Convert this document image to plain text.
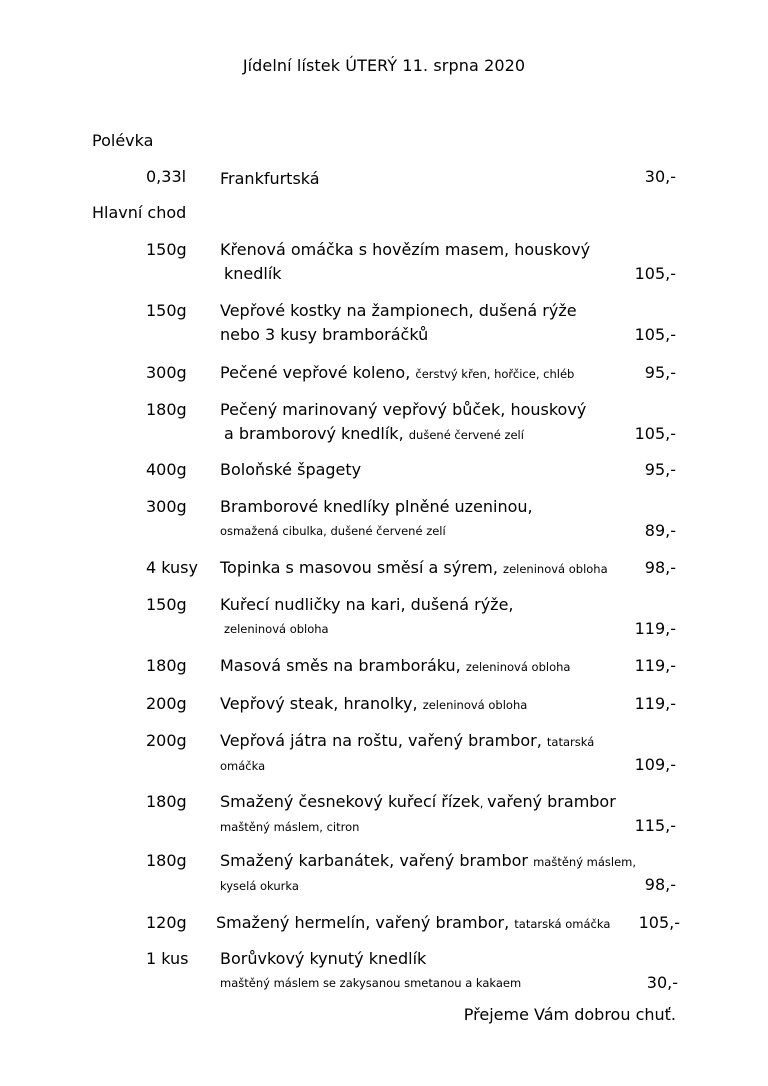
Jídelní lístek ÚTERÝ 11. srpna 2020
Polévka
0,33l Frankfurtská	30,-
Hlavní chod
150g Křenová omáčka s hovězím masem, houskový
knedlík	105,-
150g Vepřové kostky na žampionech, dušená rýže
nebo 3 kusy bramboráčků	105,-
300g Pečené vepřové koleno, čerstvý křen, hořčice, chléb	95,-
180g Pečený marinovaný vepřový bůček, houskový
a bramborový knedlík, dušené červené zelí	105,-
400g Boloňské špagety	95,-
300g Bramborové knedlíky plněné uzeninou,
osmažená cibulka, dušené červené zelí	89,-
4 kusy Topinka s masovou směsí a sýrem, zeleninová obloha	98,-
150g Kuřecí nudličky na kari, dušená rýže,
zeleninová obloha	119,-
180g Masová směs na bramboráku, zeleninová obloha	119,-
200g Vepřový steak, hranolky, zeleninová obloha	119,-
200g Vepřová játra na roštu, vařený brambor, tatarská
omáčka	109,-
180g Smažený česnekový kuřecí řízek, vařený brambor
maštěný máslem, citron	115,-
180g Smažený karbanátek, vařený brambor maštěný máslem,
kyselá okurka	98,-
120g Smažený hermelín, vařený brambor, tatarská omáčka	105,-
1 kus Borůvkový kynutý knedlík
maštěný máslem se zakysanou smetanou a kakaem	30,-
Přejeme Vám dobrou chuť.
